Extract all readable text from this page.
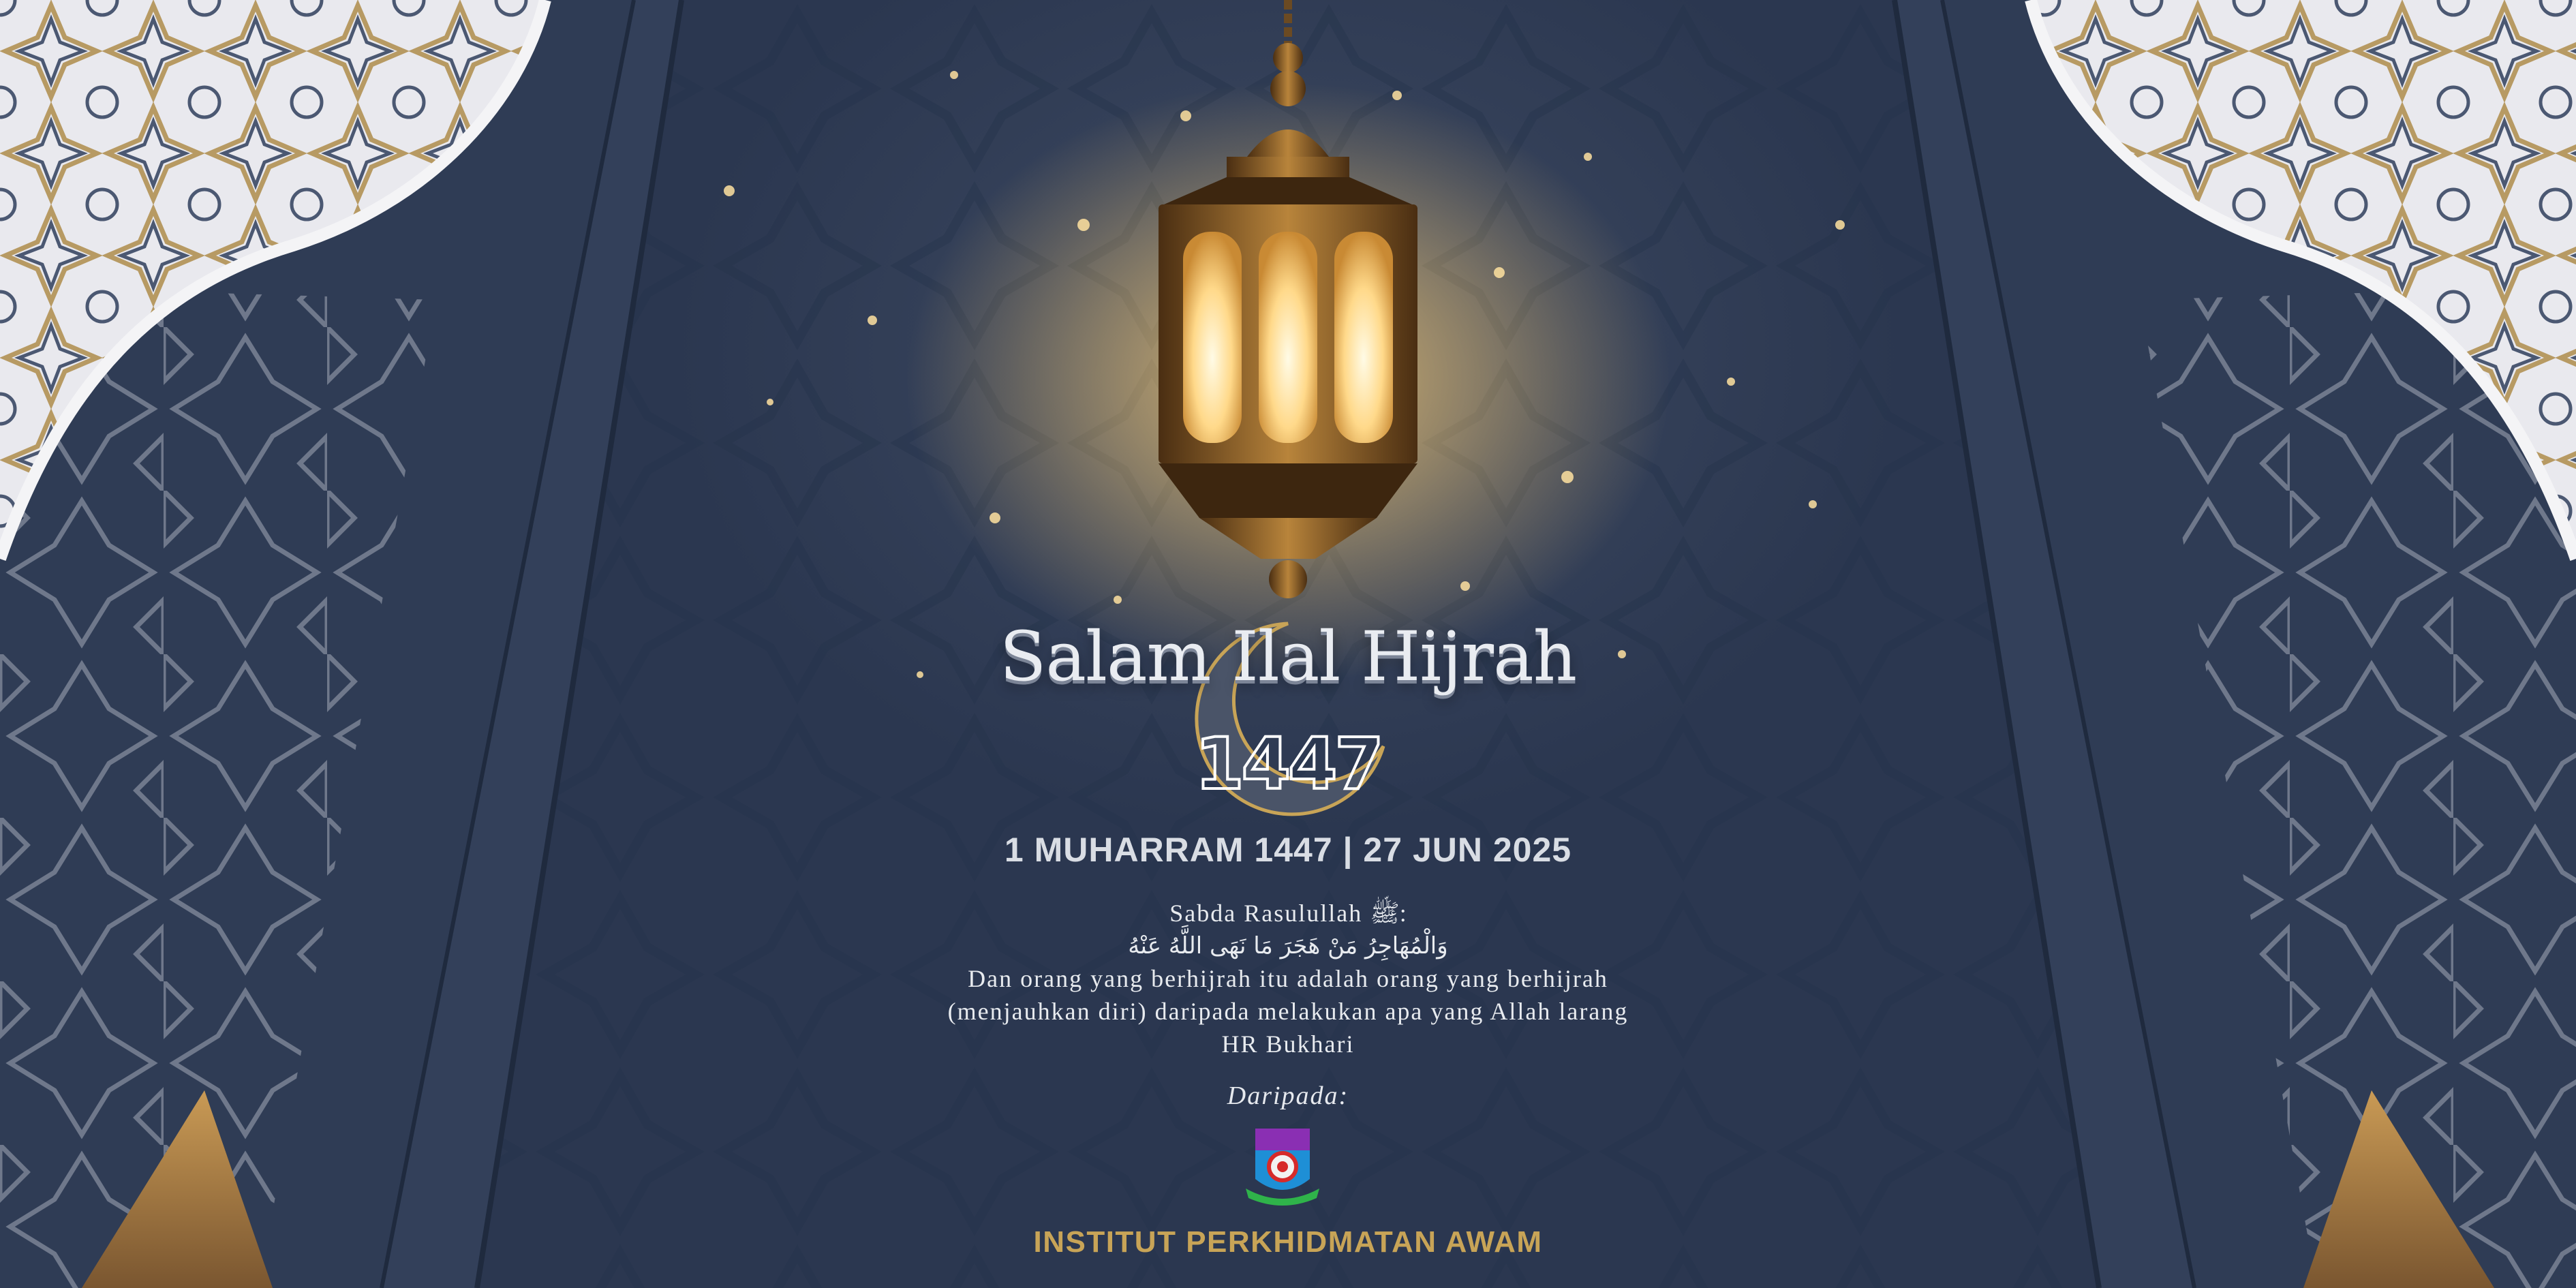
Salam Ilal Hijrah
1447
1 MUHARRAM 1447 | 27 JUN 2025
Sabda Rasulullah ﷺ:
وَالْمُهَاجِرُ مَنْ هَجَرَ مَا نَهَى اللَّهُ عَنْهُ
Dan orang yang berhijrah itu adalah orang yang berhijrah
(menjauhkan diri) daripada melakukan apa yang Allah larang
HR Bukhari
Daripada:
INSTITUT PERKHIDMATAN AWAM
